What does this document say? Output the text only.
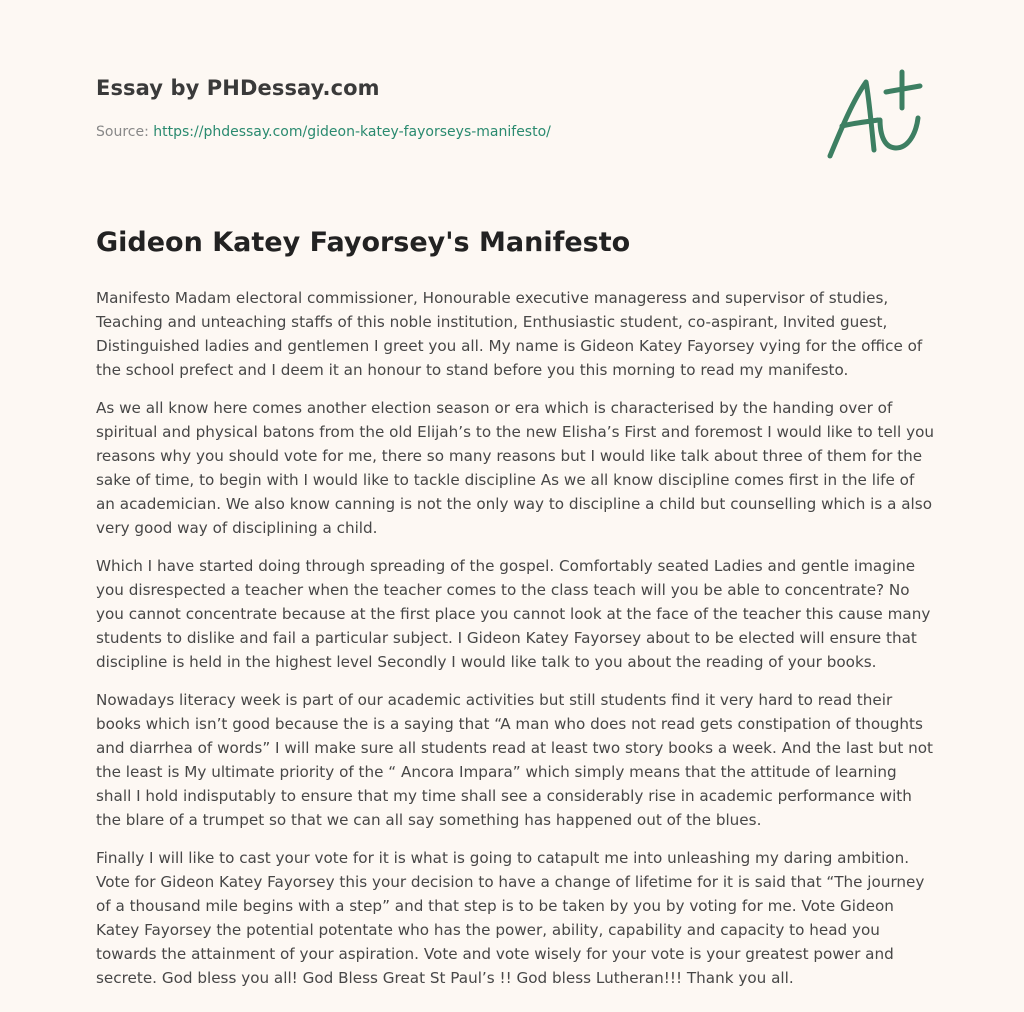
Essay by PHDessay.com
Source: https://phdessay.com/gideon-katey-fayorseys-manifesto/
Gideon Katey Fayorsey's Manifesto

Manifesto Madam electoral commissioner, Honourable executive manageress and supervisor of studies, Teaching and unteaching staffs of this noble institution, Enthusiastic student, co-aspirant, Invited guest, Distinguished ladies and gentlemen I greet you all. My name is Gideon Katey Fayorsey vying for the office of the school prefect and I deem it an honour to stand before you this morning to read my manifesto.

As we all know here comes another election season or era which is characterised by the handing over of spiritual and physical batons from the old Elijah’s to the new Elisha’s First and foremost I would like to tell you reasons why you should vote for me, there so many reasons but I would like talk about three of them for the sake of time, to begin with I would like to tackle discipline As we all know discipline comes first in the life of an academician. We also know canning is not the only way to discipline a child but counselling which is a also very good way of disciplining a child.

Which I have started doing through spreading of the gospel. Comfortably seated Ladies and gentle imagine you disrespected a teacher when the teacher comes to the class teach will you be able to concentrate? No you cannot concentrate because at the first place you cannot look at the face of the teacher this cause many students to dislike and fail a particular subject. I Gideon Katey Fayorsey about to be elected will ensure that discipline is held in the highest level Secondly I would like talk to you about the reading of your books.

Nowadays literacy week is part of our academic activities but still students find it very hard to read their books which isn’t good because the is a saying that “A man who does not read gets constipation of thoughts and diarrhea of words” I will make sure all students read at least two story books a week. And the last but not the least is My ultimate priority of the “ Ancora Impara” which simply means that the attitude of learning shall I hold indisputably to ensure that my time shall see a considerably rise in academic performance with the blare of a trumpet so that we can all say something has happened out of the blues.

Finally I will like to cast your vote for it is what is going to catapult me into unleashing my daring ambition. Vote for Gideon Katey Fayorsey this your decision to have a change of lifetime for it is said that “The journey of a thousand mile begins with a step” and that step is to be taken by you by voting for me. Vote Gideon Katey Fayorsey the potential potentate who has the power, ability, capability and capacity to head you towards the attainment of your aspiration. Vote and vote wisely for your vote is your greatest power and secrete. God bless you all! God Bless Great St Paul’s !! God bless Lutheran!!! Thank you all.
